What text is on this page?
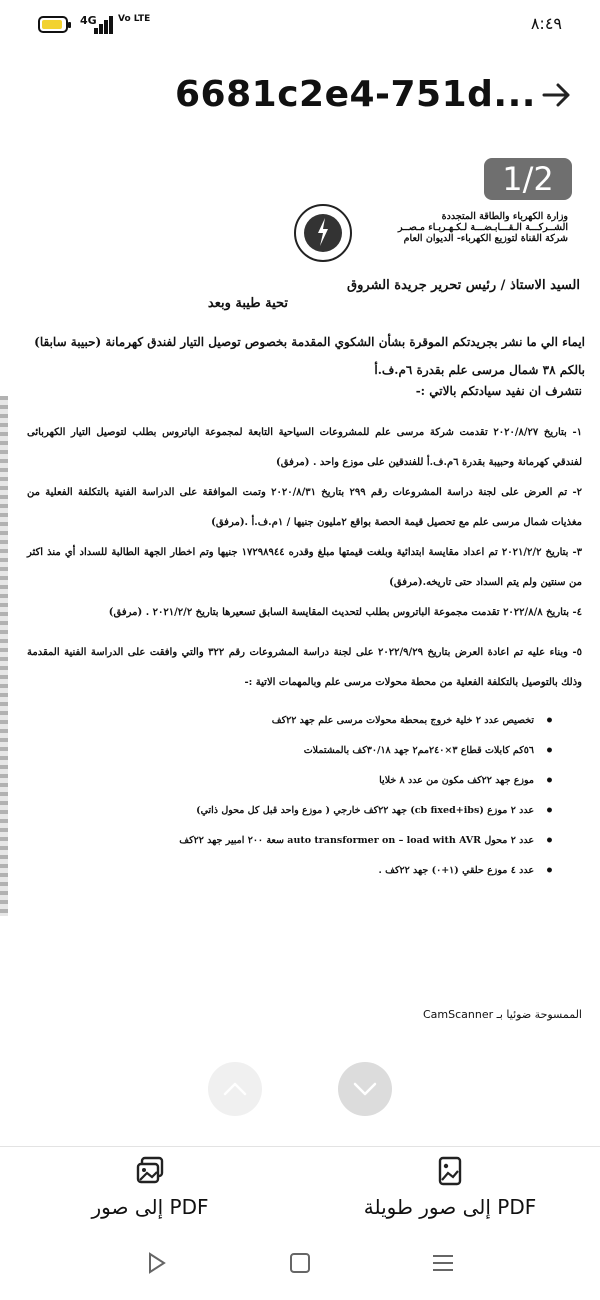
4G Vo LTE	٨:٤٩
6681c2e4-751d...
1/2
وزارة الكهرباء والطاقة المتجددة
الشــركـــة الـقـــابـضـــة لـكـهـربـاء مـصــر
شركة القناة لتوزيع الكهرباء- الديوان العام
السيد الاستاذ / رئيس تحرير جريدة الشروق
تحية طيبة وبعد
ايماء الي ما نشر بجريدتكم الموقرة بشأن الشكوي المقدمة بخصوص توصيل التيار لفندق كهرمانة (حبيبة سابقا) بالكم ٣٨ شمال مرسى علم بقدرة ٦م.ف.أ
نتشرف ان نفيد سيادتكم بالاتي :-
١- بتاريخ ٢٠٢٠/٨/٢٧ تقدمت شركة مرسى علم للمشروعات السياحية التابعة لمجموعة الباتروس بطلب لتوصيل التيار الكهربائى لفندقي كهرمانة وحبيبة بقدرة ٦م.ف.أ للفندقين على موزع واحد . (مرفق)
٢- تم العرض على لجنة دراسة المشروعات رقم ٢٩٩ بتاريخ ٢٠٢٠/٨/٣١ وتمت الموافقة على الدراسة الفنية بالتكلفة الفعلية من مغذيات شمال مرسى علم مع تحصيل قيمة الحصة بواقع ٢مليون جنيها / ١م.ف.أ .(مرفق)
٣- بتاريخ ٢٠٢١/٢/٢ تم اعداد مقايسة ابتدائية وبلغت قيمتها مبلغ وقدره ١٧٢٩٨٩٤٤ جنيها وتم اخطار الجهة الطالبة للسداد أي منذ اكثر من سنتين ولم يتم السداد حتى تاريخه.(مرفق)
٤- بتاريخ ٢٠٢٢/٨/٨ تقدمت مجموعة الباتروس بطلب لتحديث المقايسة السابق تسعيرها بتاريخ ٢٠٢١/٢/٢ . (مرفق)
٥- وبناء عليه تم اعادة العرض بتاريخ ٢٠٢٢/٩/٢٩ على لجنة دراسة المشروعات رقم ٣٢٢ والتي وافقت على الدراسة الفنية المقدمة وذلك بالتوصيل بالتكلفة الفعلية من محطة محولات مرسى علم وبالمهمات الاتية :-
• تخصيص عدد ٢ خلية خروج بمحطة محولات مرسى علم جهد ٢٢كف
• ٥٦كم كابلات قطاع ٣×٢٤٠مم٢ جهد ٣٠/١٨كف بالمشتملات
• موزع جهد ٢٢كف مكون من عدد ٨ خلايا
• عدد ٢ موزع (cb fixed+ibs) جهد ٢٢كف خارجي ( موزع واحد قبل كل محول ذاتي)
• عدد ٢ محول auto transformer on – load with AVR سعة ٢٠٠ امبير جهد ٢٢كف
• عدد ٤ موزع حلقي (١+٠) جهد ٢٢كف .
الممسوحة ضوئيا بـ CamScanner
إلى صور PDF	إلى صور طويلة PDF
